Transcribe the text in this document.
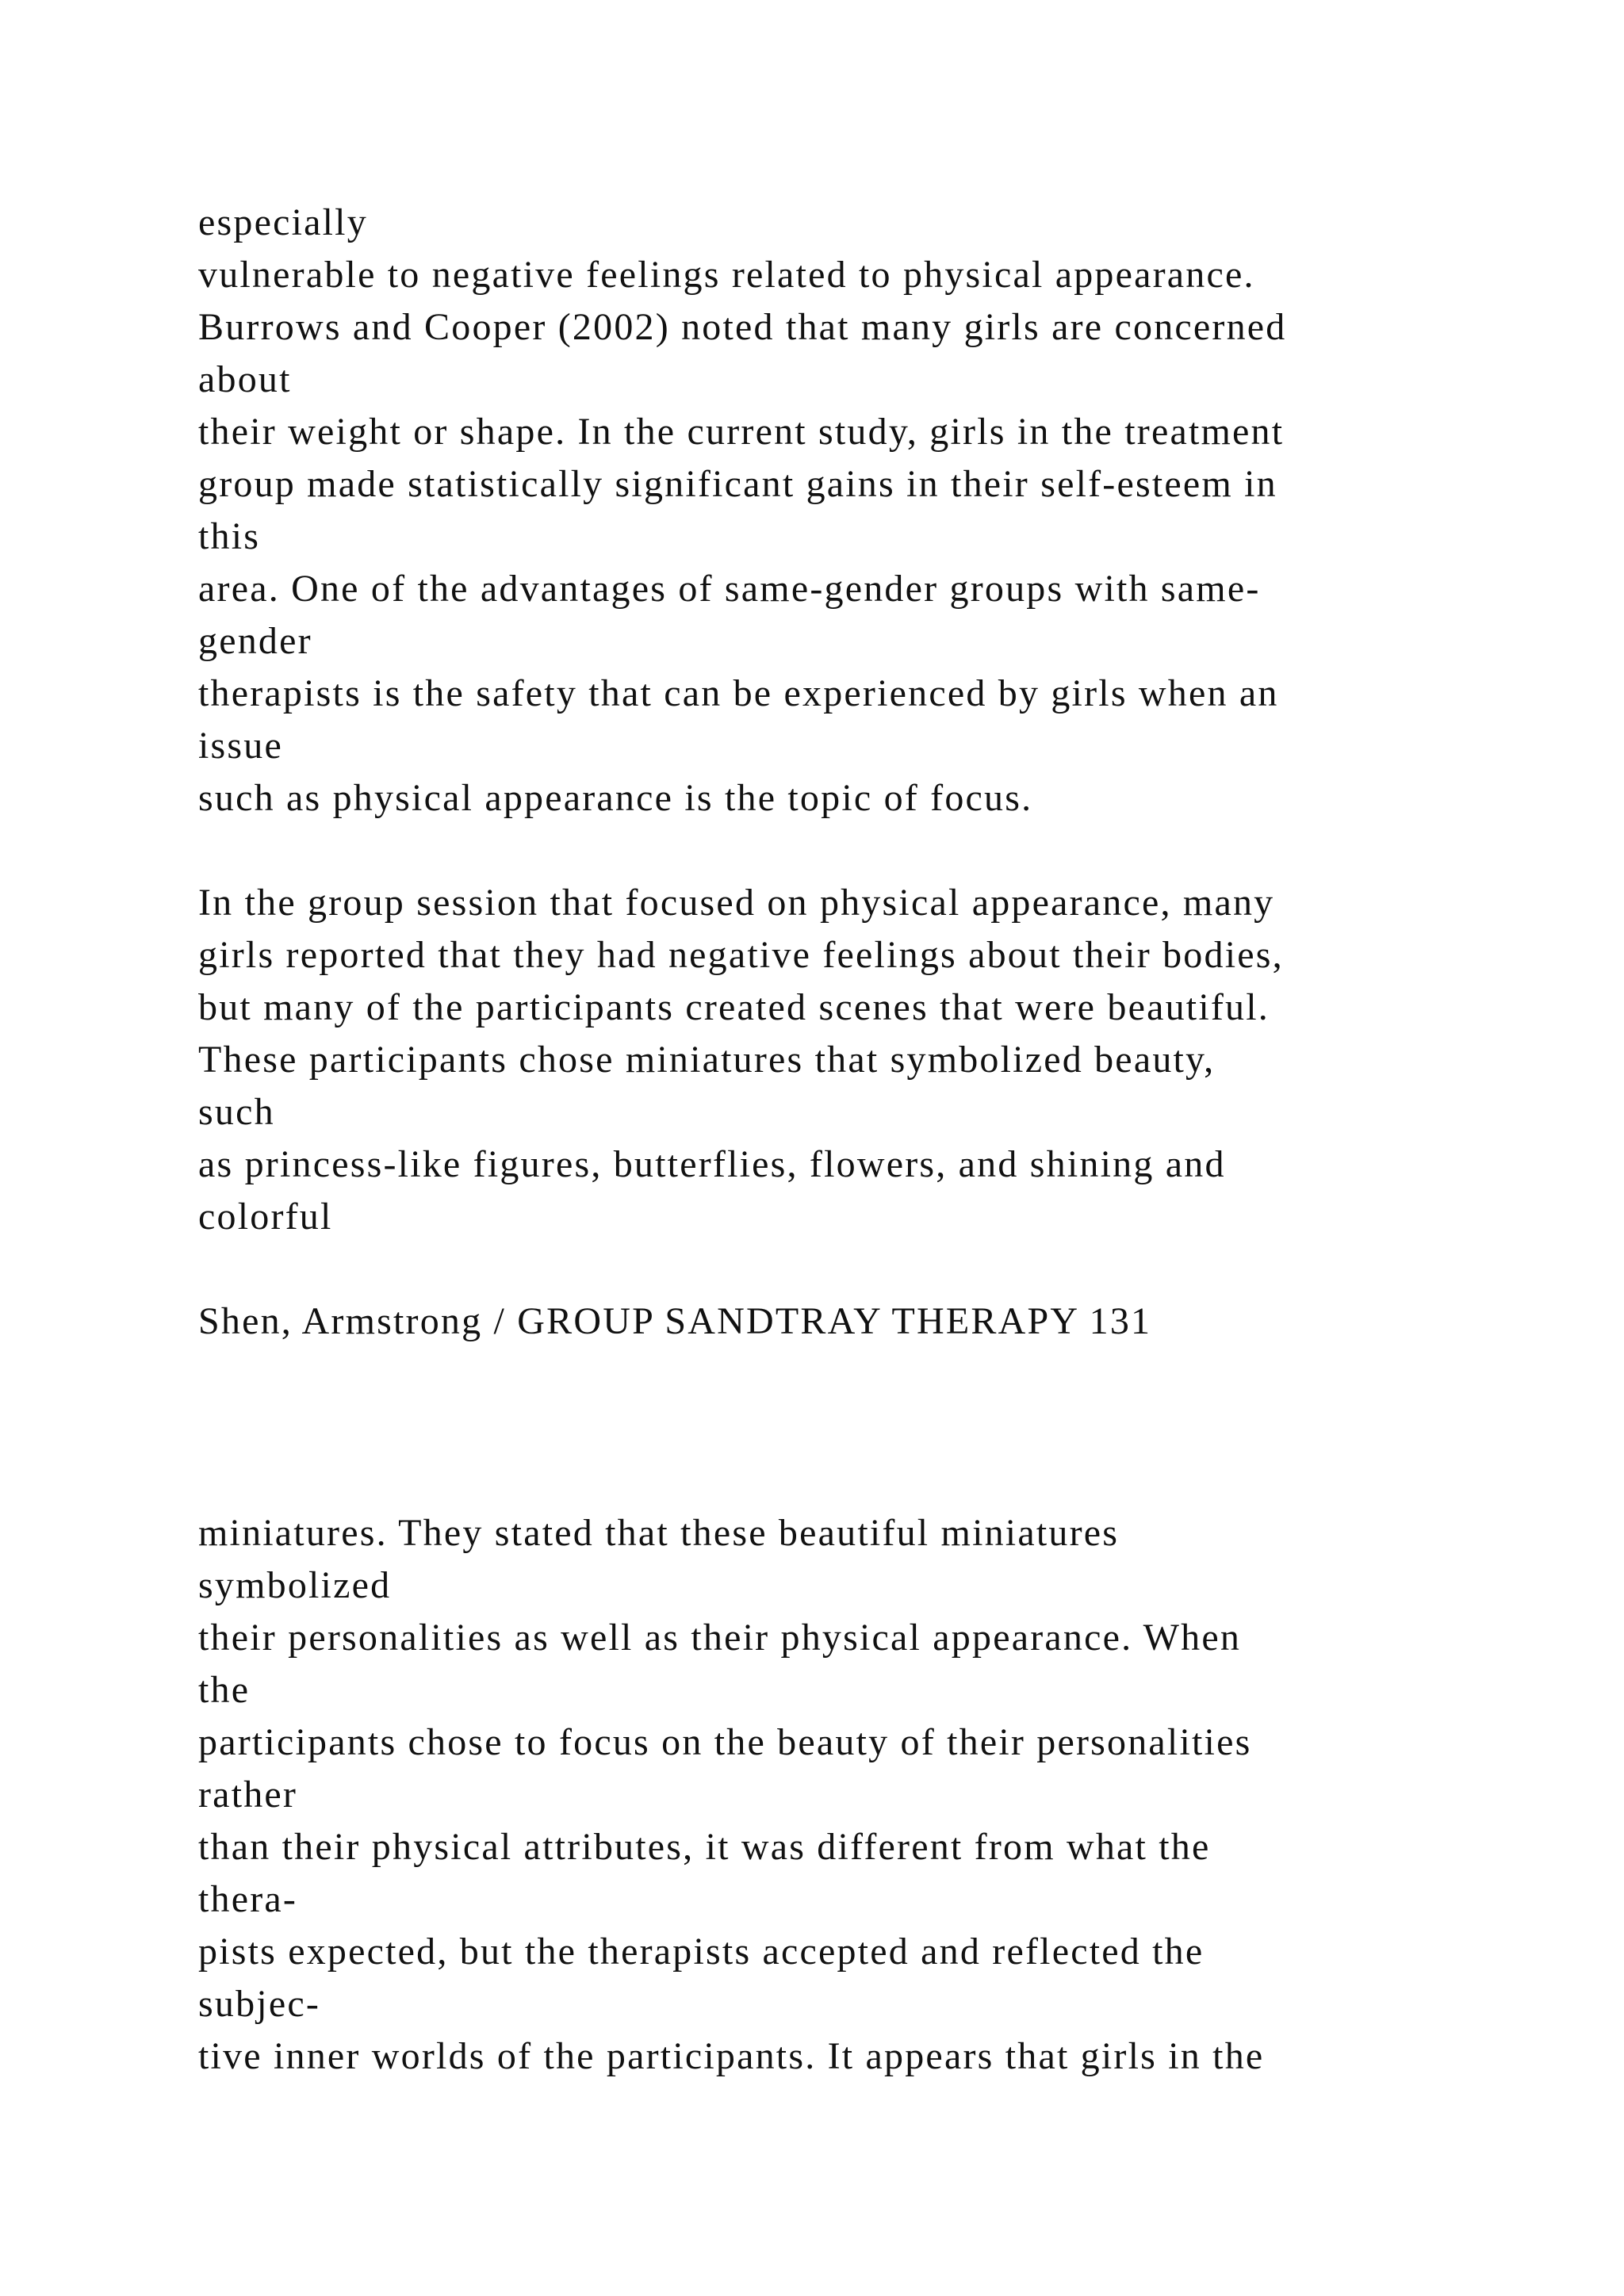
especially
vulnerable to negative feelings related to physical appearance.
Burrows and Cooper (2002) noted that many girls are concerned
about
their weight or shape. In the current study, girls in the treatment
group made statistically significant gains in their self-esteem in
this
area. One of the advantages of same-gender groups with same-
gender
therapists is the safety that can be experienced by girls when an
issue
such as physical appearance is the topic of focus.
In the group session that focused on physical appearance, many
girls reported that they had negative feelings about their bodies,
but many of the participants created scenes that were beautiful.
These participants chose miniatures that symbolized beauty,
such
as princess-like figures, butterflies, flowers, and shining and
colorful
Shen, Armstrong / GROUP SANDTRAY THERAPY 131
miniatures. They stated that these beautiful miniatures
symbolized
their personalities as well as their physical appearance. When
the
participants chose to focus on the beauty of their personalities
rather
than their physical attributes, it was different from what the
thera-
pists expected, but the therapists accepted and reflected the
subjec-
tive inner worlds of the participants. It appears that girls in the
